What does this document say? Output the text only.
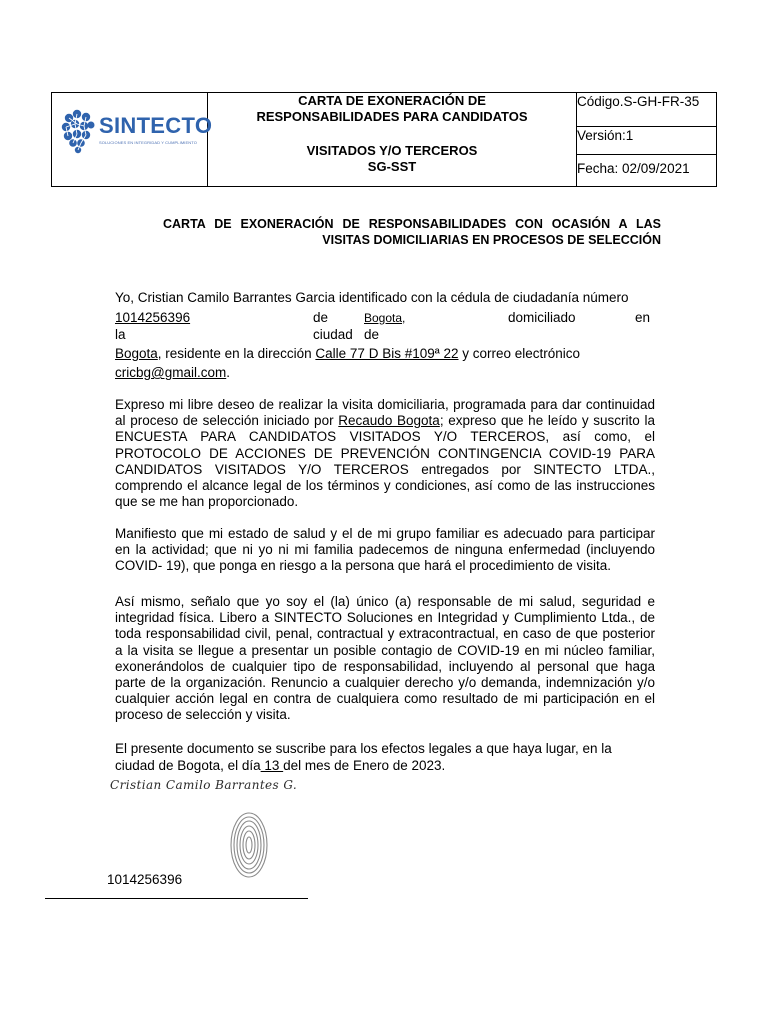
SINTECTO
SOLUCIONES EN INTEGRIDAD Y CUMPLIMIENTO
CARTA DE EXONERACIÓN DE
RESPONSABILIDADES PARA CANDIDATOS
VISITADOS Y/O TERCEROS
SG-SST
Código.S-GH-FR-35
Versión:1
Fecha: 02/09/2021
CARTA DE EXONERACIÓN DE RESPONSABILIDADES CON OCASIÓN A LAS
VISITAS DOMICILIARIAS EN PROCESOS DE SELECCIÓN
Yo, Cristian Camilo Barrantes Garcia identificado con la cédula de ciudadanía número
1014256396	de	Bogota,	domiciliado	en
la	ciudad de
Bogota, residente en la dirección Calle 77 D Bis #109ª 22 y correo electrónico
cricbg@gmail.com.
Expreso mi libre deseo de realizar la visita domiciliaria, programada para dar continuidad al proceso de selección iniciado por Recaudo Bogota; expreso que he leído y suscrito la ENCUESTA PARA CANDIDATOS VISITADOS Y/O TERCEROS, así como, el PROTOCOLO DE ACCIONES DE PREVENCIÓN CONTINGENCIA COVID-19 PARA CANDIDATOS VISITADOS Y/O TERCEROS entregados por SINTECTO LTDA., comprendo el alcance legal de los términos y condiciones, así como de las instrucciones que se me han proporcionado.
Manifiesto que mi estado de salud y el de mi grupo familiar es adecuado para participar en la actividad; que ni yo ni mi familia padecemos de ninguna enfermedad (incluyendo COVID- 19), que ponga en riesgo a la persona que hará el procedimiento de visita.
Así mismo, señalo que yo soy el (la) único (a) responsable de mi salud, seguridad e integridad física. Libero a SINTECTO Soluciones en Integridad y Cumplimiento Ltda., de toda responsabilidad civil, penal, contractual y extracontractual, en caso de que posterior a la visita se llegue a presentar un posible contagio de COVID-19 en mi núcleo familiar, exonerándolos de cualquier tipo de responsabilidad, incluyendo al personal que haga parte de la organización. Renuncio a cualquier derecho y/o demanda, indemnización y/o cualquier acción legal en contra de cualquiera como resultado de mi participación en el proceso de selección y visita.
El presente documento se suscribe para los efectos legales a que haya lugar, en la
ciudad de Bogota, el día 13 del mes de Enero de 2023.
Cristian Camilo Barrantes G.
1014256396
